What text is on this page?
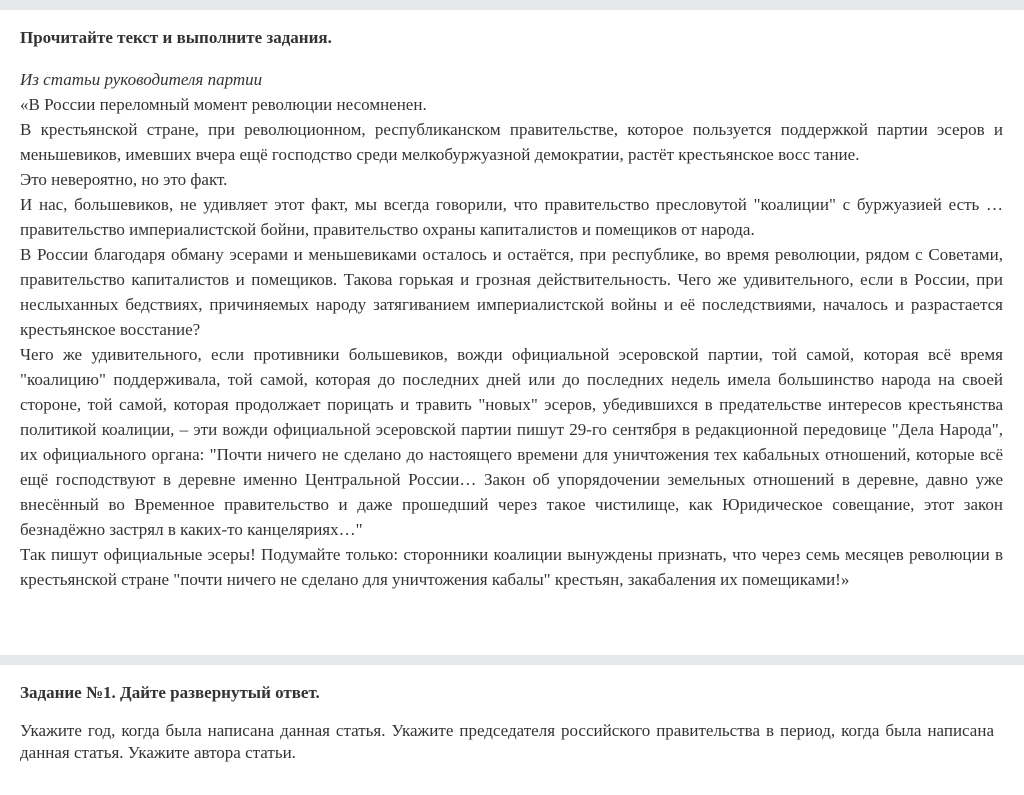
Прочитайте текст и выполните задания.
Из статьи руководителя партии

«В России переломный момент революции несомненен.

В крестьянской стране, при революционном, республиканском правительстве, которое пользуется поддержкой партии эсеров и меньшевиков, имевших вчера ещё господство среди мелкобуржуазной демократии, растёт крестьянское восс тание.

Это невероятно, но это факт.

И нас, большевиков, не удивляет этот факт, мы всегда говорили, что правительство пресловутой "коалиции" с буржуазией есть …правительство империалистской бойни, правительство охраны капиталистов и помещиков от народа.

В России благодаря обману эсерами и меньшевиками осталось и остаётся, при республике, во время революции, рядом с Советами, правительство капиталистов и помещиков. Такова горькая и грозная действительность. Чего же удивительного, если в России, при неслыханных бедствиях, причиняемых народу затягиванием империалистской войны и её последствиями, началось и разрастается крестьянское восстание?

Чего же удивительного, если противники большевиков, вожди официальной эсеровской партии, той самой, которая всё время "коалицию" поддерживала, той самой, которая до последних дней или до последних недель имела большинство народа на своей стороне, той самой, которая продолжает порицать и травить "новых" эсеров, убедившихся в предательстве интересов крестьянства политикой коалиции, – эти вожди официальной эсеровской партии пишут 29-го сентября в редакционной передовице "Дела Народа", их официального органа: "Почти ничего не сделано до настоящего времени для уничтожения тех кабальных отношений, которые всё ещё господствуют в деревне именно Центральной России… Закон об упорядочении земельных отношений в деревне, давно уже внесённый во Временное правительство и даже прошедший через такое чистилище, как Юридическое совещание, этот закон безнадёжно застрял в каких-то канцеляриях…"

Так пишут официальные эсеры! Подумайте только: сторонники коалиции вынуждены признать, что через семь месяцев революции в крестьянской стране "почти ничего не сделано для уничтожения кабалы" крестьян, закабаления их помещиками!»

Задание №1. Дайте развернутый ответ.

Укажите год, когда была написана данная статья. Укажите председателя российского правительства в период, когда была написана данная статья. Укажите автора статьи.
